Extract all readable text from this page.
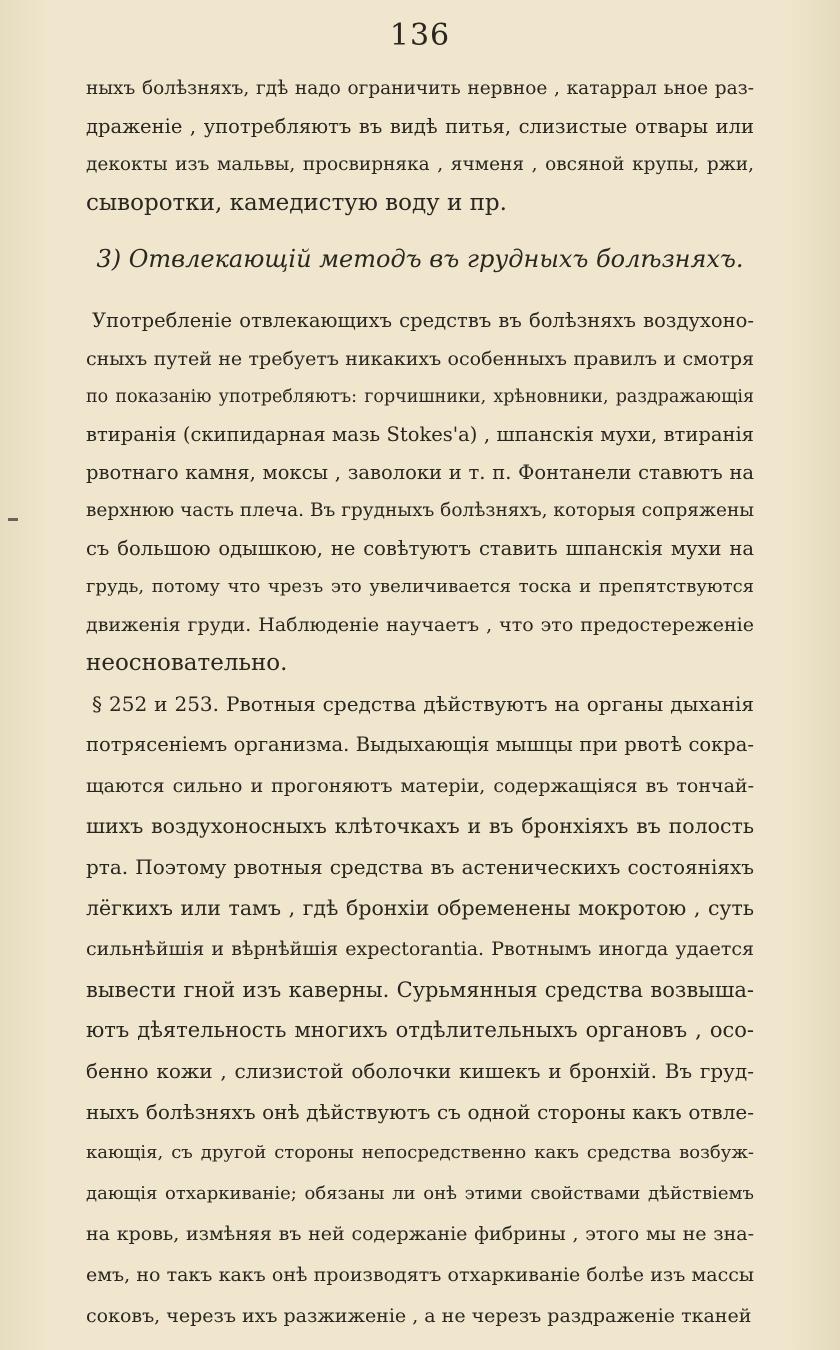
136
ныхъ болѣзняхъ, гдѣ надо ограничить нервное , катаррал ьное раз-
драженіе , употребляютъ въ видѣ питья, слизистые отвары или
декокты изъ мальвы, просвирняка , ячменя , овсяной крупы, ржи,
сыворотки, камедистую воду и пр.
3) Отвлекающій методъ въ грудныхъ болѣзняхъ.
Употребленіе отвлекающихъ средствъ въ болѣзняхъ воздухоно-
сныхъ путей не требуетъ никакихъ особенныхъ правилъ и смотря
по показанію употребляютъ: горчишники, хрѣновники, раздражающія
втиранія (скипидарная мазь Stokes'a) , шпанскія мухи, втиранія
рвотнаго камня, моксы , заволоки и т. п. Фонтанели ставютъ на
верхнюю часть плеча. Въ грудныхъ болѣзняхъ, которыя сопряжены
съ большою одышкою, не совѣтуютъ ставить шпанскія мухи на
грудь, потому что чрезъ это увеличивается тоска и препятствуются
движенія груди. Наблюденіе научаетъ , что это предостереженіе
неосновательно.
§ 252 и 253. Рвотныя средства дѣйствуютъ на органы дыханія
потрясеніемъ организма. Выдыхающія мышцы при рвотѣ сокра-
щаются сильно и прогоняютъ матеріи, содержащіяся въ тончай-
шихъ воздухоносныхъ клѣточкахъ и въ бронхіяхъ въ полость
рта. Поэтому рвотныя средства въ астеническихъ состояніяхъ
лёгкихъ или тамъ , гдѣ бронхіи обременены мокротою , суть
сильнѣйшія и вѣрнѣйшія expectorantia. Рвотнымъ иногда удается
вывести гной изъ каверны. Сурьмянныя средства возвыша-
ютъ дѣятельность многихъ отдѣлительныхъ органовъ , осо-
бенно кожи , слизистой оболочки кишекъ и бронхій. Въ груд-
ныхъ болѣзняхъ онѣ дѣйствуютъ съ одной стороны какъ отвле-
кающія, съ другой стороны непосредственно какъ средства возбуж-
дающія отхаркиваніе; обязаны ли онѣ этими свойствами дѣйствіемъ
на кровь, измѣняя въ ней содержаніе фибрины , этого мы не зна-
емъ, но такъ какъ онѣ производятъ отхаркиваніе болѣе изъ массы
соковъ, черезъ ихъ разжиженіе , а не черезъ раздраженіе тканей
